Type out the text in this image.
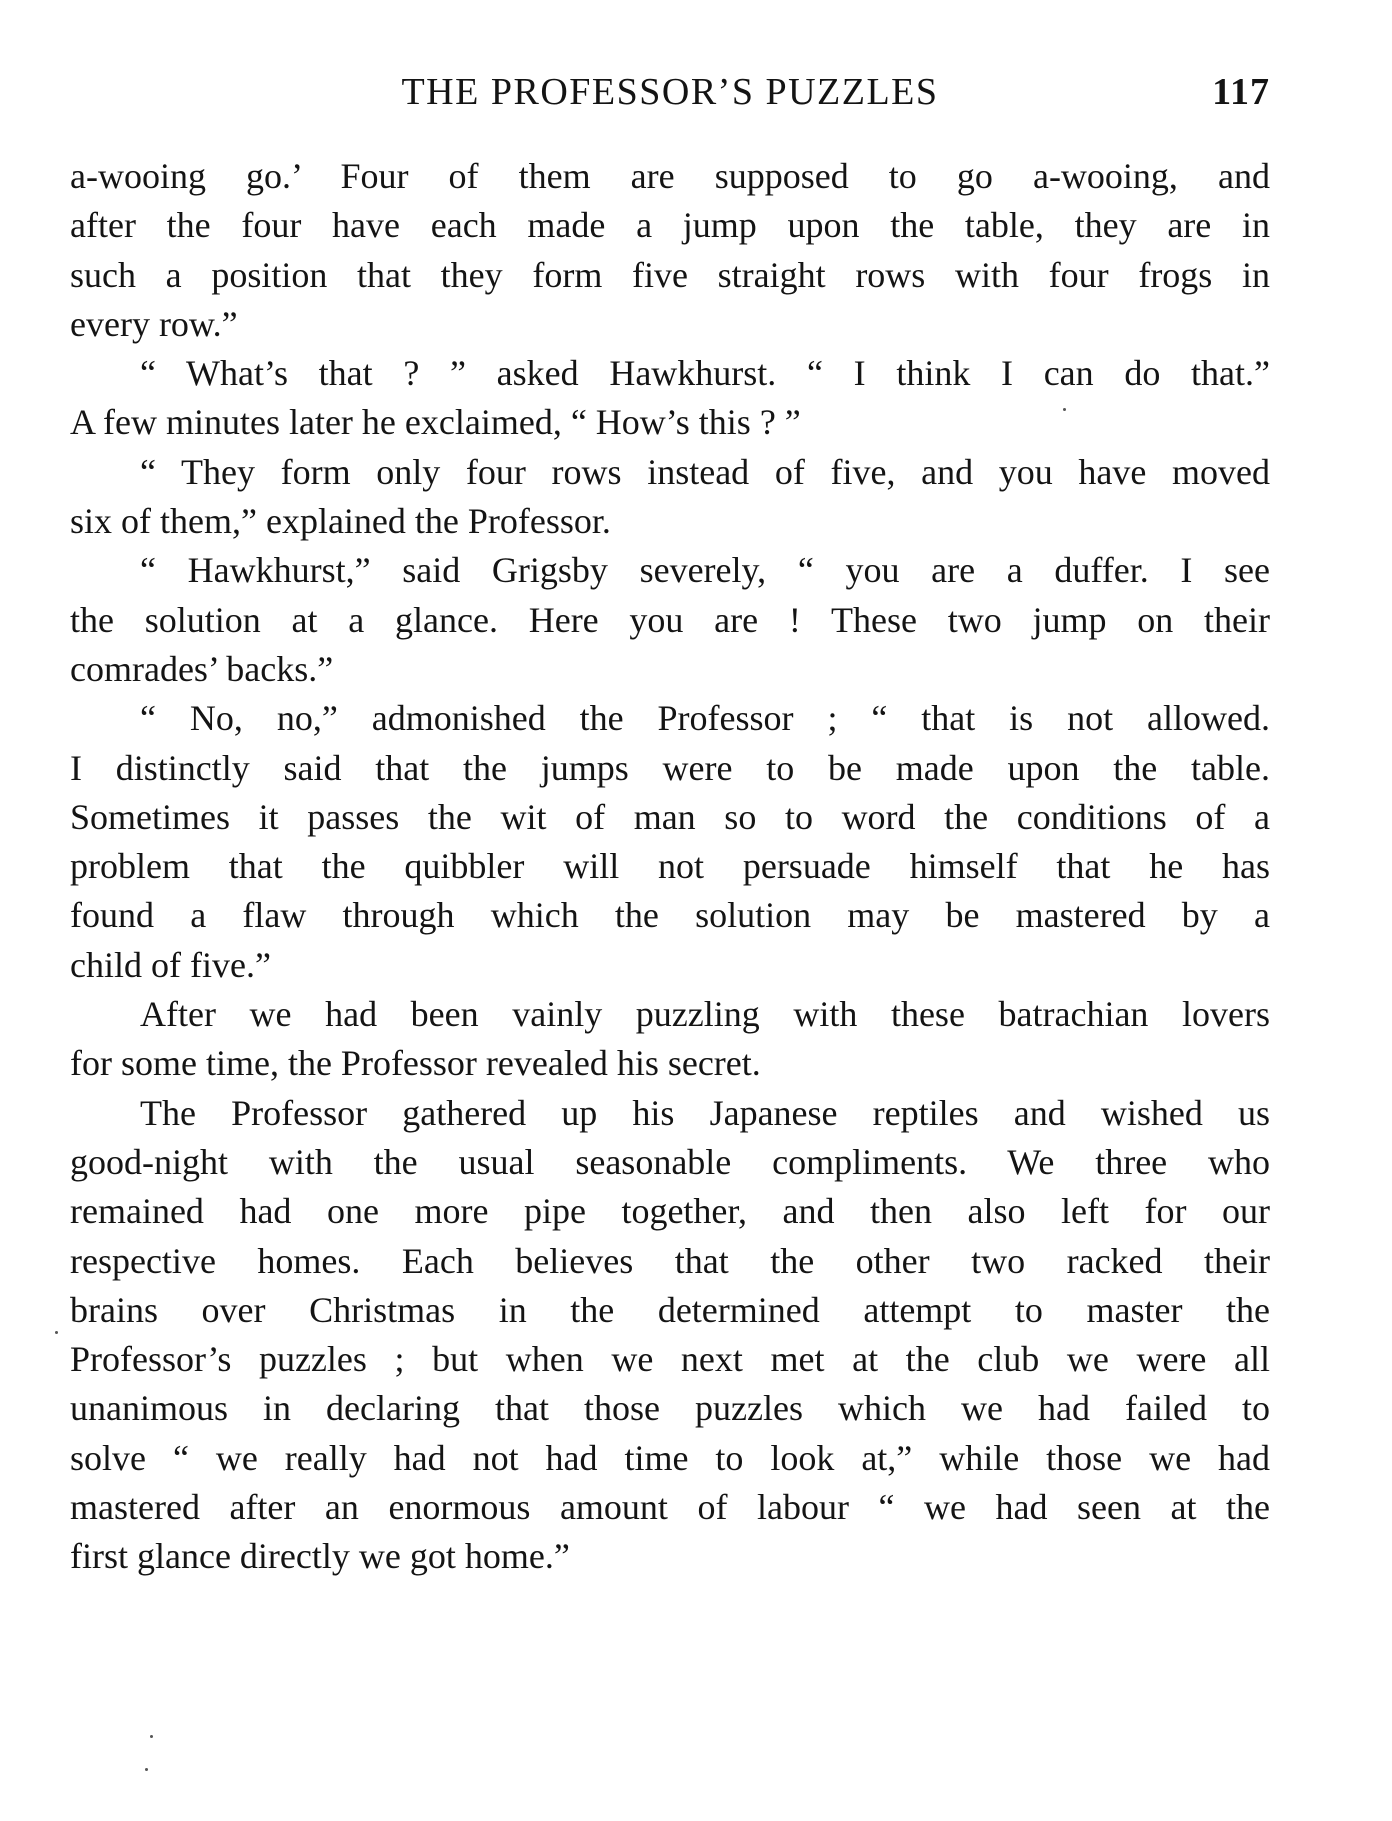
THE PROFESSOR’S PUZZLES	117
a-wooing go.’ Four of them are supposed to go a-wooing, and
after the four have each made a jump upon the table, they are in
such a position that they form five straight rows with four frogs in
every row.”
“ What’s that ? ” asked Hawkhurst. “ I think I can do that.”
A few minutes later he exclaimed, “ How’s this ? ”
“ They form only four rows instead of five, and you have moved
six of them,” explained the Professor.
“ Hawkhurst,” said Grigsby severely, “ you are a duffer. I see
the solution at a glance. Here you are ! These two jump on their
comrades’ backs.”
“ No, no,” admonished the Professor ; “ that is not allowed.
I distinctly said that the jumps were to be made upon the table.
Sometimes it passes the wit of man so to word the conditions of a
problem that the quibbler will not persuade himself that he has
found a flaw through which the solution may be mastered by a
child of five.”
After we had been vainly puzzling with these batrachian lovers
for some time, the Professor revealed his secret.
The Professor gathered up his Japanese reptiles and wished us
good-night with the usual seasonable compliments. We three who
remained had one more pipe together, and then also left for our
respective homes. Each believes that the other two racked their
brains over Christmas in the determined attempt to master the
Professor’s puzzles ; but when we next met at the club we were all
unanimous in declaring that those puzzles which we had failed to
solve “ we really had not had time to look at,” while those we had
mastered after an enormous amount of labour “ we had seen at the
first glance directly we got home.”
